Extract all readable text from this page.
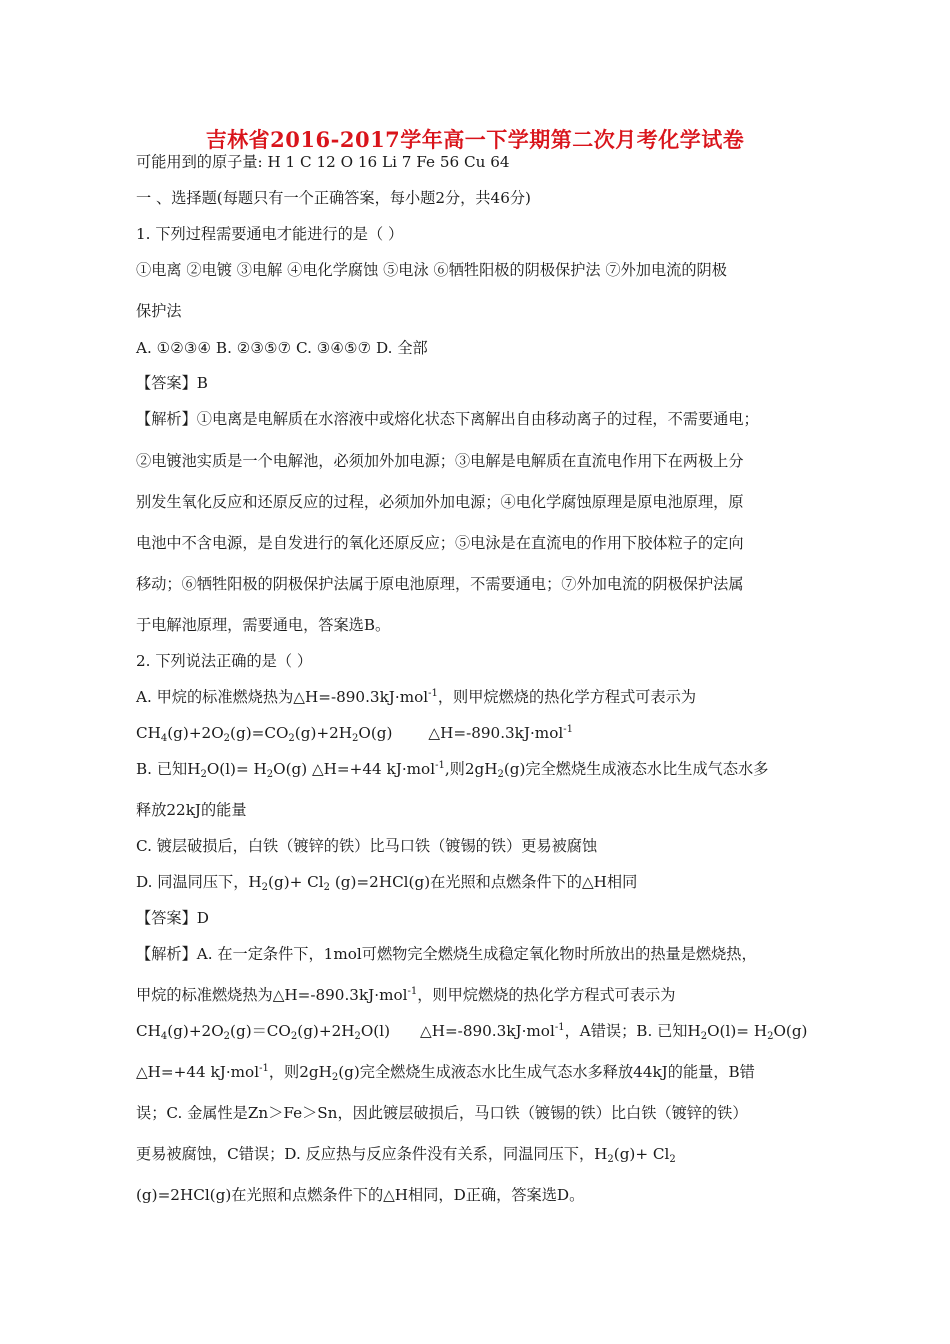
吉林省2016-2017学年高一下学期第二次月考化学试卷
可能用到的原子量: H 1 C 12 O 16 Li 7 Fe 56 Cu 64
一 、选择题(每题只有一个正确答案，每小题2分，共46分)
1. 下列过程需要通电才能进行的是（ ）
①电离 ②电镀 ③电解 ④电化学腐蚀 ⑤电泳 ⑥牺牲阳极的阴极保护法 ⑦外加电流的阴极
保护法
A. ①②③④ B. ②③⑤⑦ C. ③④⑤⑦ D. 全部
【答案】B
【解析】①电离是电解质在水溶液中或熔化状态下离解出自由移动离子的过程，不需要通电；
②电镀池实质是一个电解池，必须加外加电源；③电解是电解质在直流电作用下在两极上分
别发生氧化反应和还原反应的过程，必须加外加电源；④电化学腐蚀原理是原电池原理，原
电池中不含电源，是自发进行的氧化还原反应；⑤电泳是在直流电的作用下胶体粒子的定向
移动；⑥牺牲阳极的阴极保护法属于原电池原理，不需要通电；⑦外加电流的阴极保护法属
于电解池原理，需要通电，答案选B。
2. 下列说法正确的是（ ）
A. 甲烷的标准燃烧热为△H=-890.3kJ·mol$^{-1}$，则甲烷燃烧的热化学方程式可表示为
$CH_4(g)+2O_2(g)=CO_2(g)+2H_2O(g)$ △H=-890.3kJ·mol$^{-1}$
B. 已知$H_2O(l)= H_2O(g)$ △H=+44 kJ·mol$^{-1}$,则$2gH_2(g)$完全燃烧生成液态水比生成气态水多
释放22kJ的能量
C. 镀层破损后，白铁（镀锌的铁）比马口铁（镀锡的铁）更易被腐蚀
D. 同温同压下，$H_2(g)+ Cl_2$ (g)=2HCl(g)在光照和点燃条件下的△H相同
【答案】D
【解析】A. 在一定条件下，1mol可燃物完全燃烧生成稳定氧化物时所放出的热量是燃烧热，
甲烷的标准燃烧热为△H=-890.3kJ·mol$^{-1}$，则甲烷燃烧的热化学方程式可表示为
$CH_4(g)+2O_2(g)=CO_2(g)+2H_2O(l)$ △H=-890.3kJ·mol$^{-1}$，A错误；B. 已知$H_2O(l)= H_2O(g)$
△H=+44 kJ·mol$^{-1}$，则$2gH_2(g)$完全燃烧生成液态水比生成气态水多释放44kJ的能量，B错
误；C. 金属性是Zn＞Fe＞Sn，因此镀层破损后，马口铁（镀锡的铁）比白铁（镀锌的铁）
更易被腐蚀，C错误；D. 反应热与反应条件没有关系，同温同压下，$H_2(g)+ Cl_2$
(g)=2HCl(g)在光照和点燃条件下的△H相同，D正确，答案选D。
